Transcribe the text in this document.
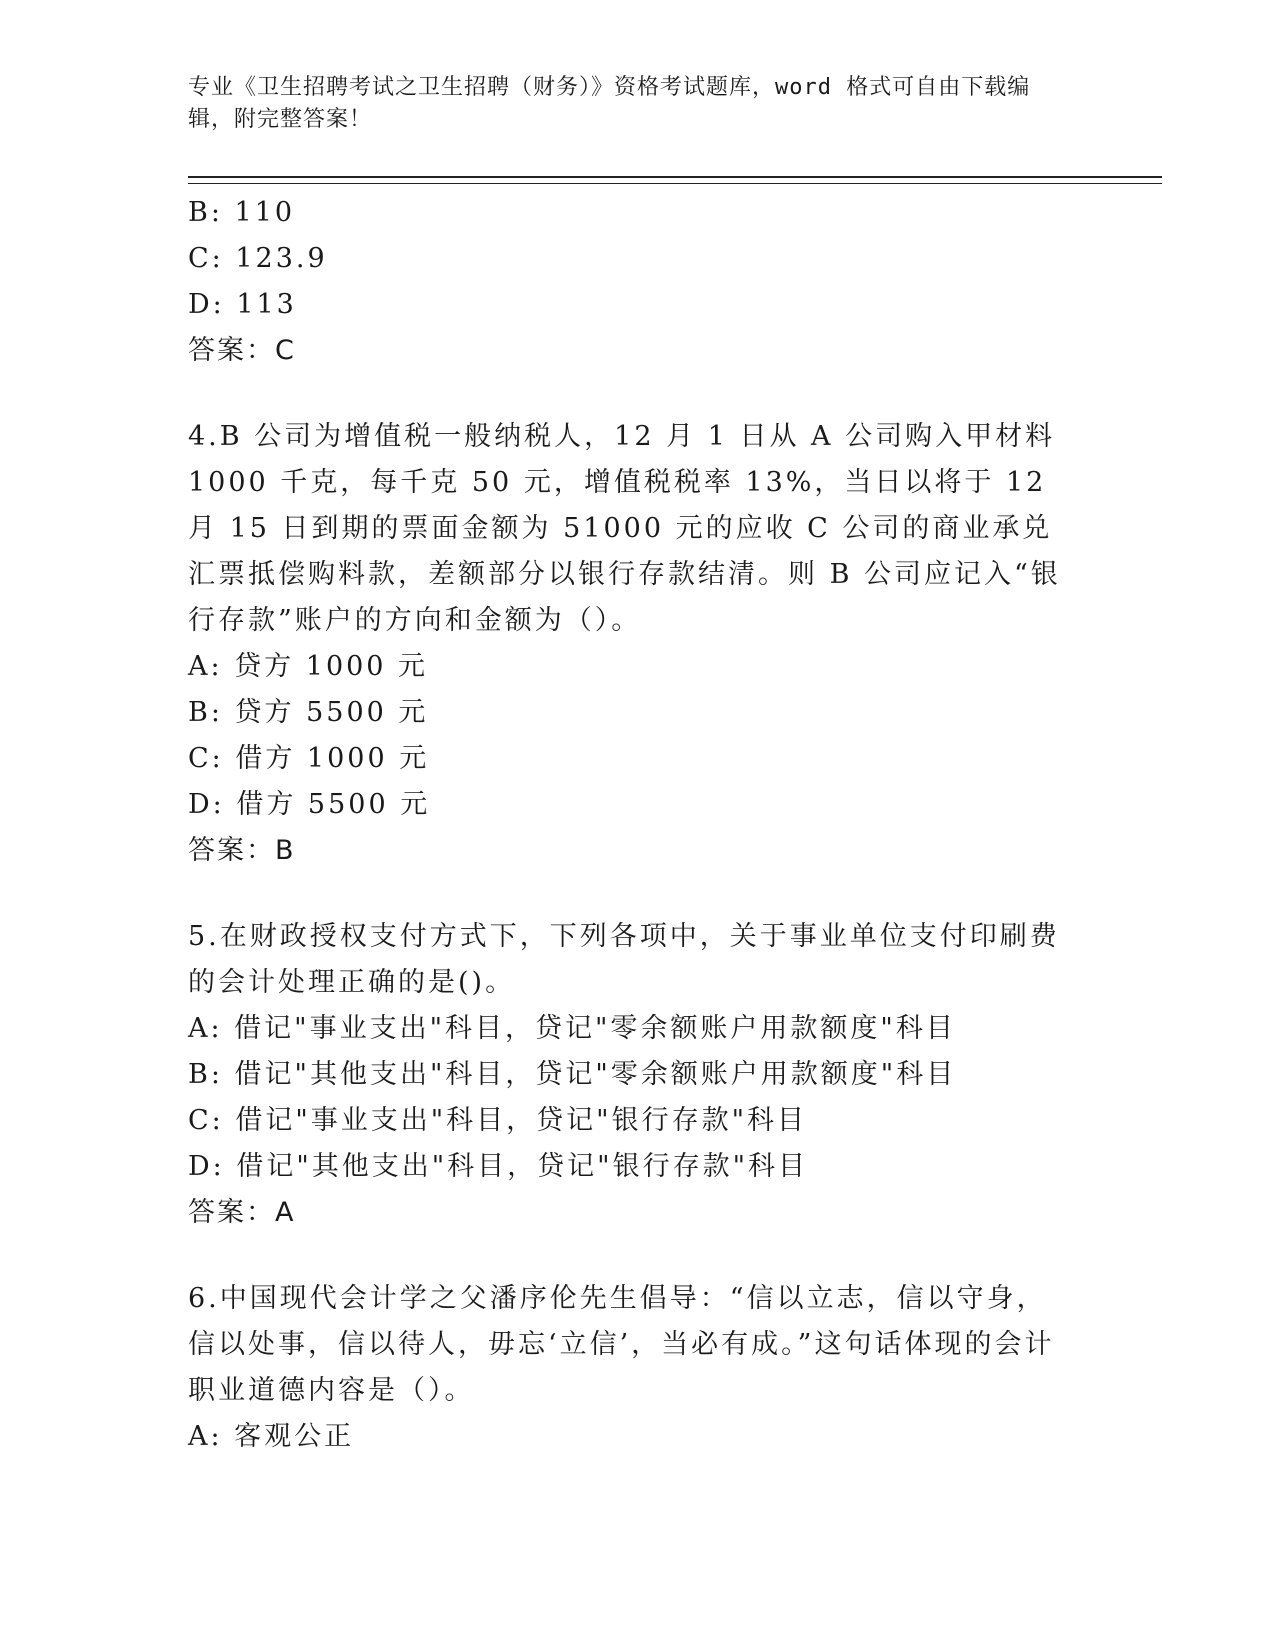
专业《卫生招聘考试之卫生招聘（财务）》资格考试题库，word 格式可自由下载编辑，附完整答案！
B: 110
C: 123.9
D: 113
答案：C
4.B 公司为增值税一般纳税人，12 月 1 日从 A 公司购入甲材料 1000 千克，每千克 50 元，增值税税率 13%，当日以将于 12 月 15 日到期的票面金额为 51000 元的应收 C 公司的商业承兑汇票抵偿购料款，差额部分以银行存款结清。则 B 公司应记入“银行存款”账户的方向和金额为（）。
A: 贷方 1000 元
B: 贷方 5500 元
C: 借方 1000 元
D: 借方 5500 元
答案：B
5.在财政授权支付方式下，下列各项中，关于事业单位支付印刷费的会计处理正确的是()。
A: 借记"事业支出"科目，贷记"零余额账户用款额度"科目
B: 借记"其他支出"科目，贷记"零余额账户用款额度"科目
C: 借记"事业支出"科目，贷记"银行存款"科目
D: 借记"其他支出"科目，贷记"银行存款"科目
答案：A
6.中国现代会计学之父潘序伦先生倡导：“信以立志，信以守身，信以处事，信以待人，毋忘‘立信’，当必有成。”这句话体现的会计职业道德内容是（）。
A: 客观公正
